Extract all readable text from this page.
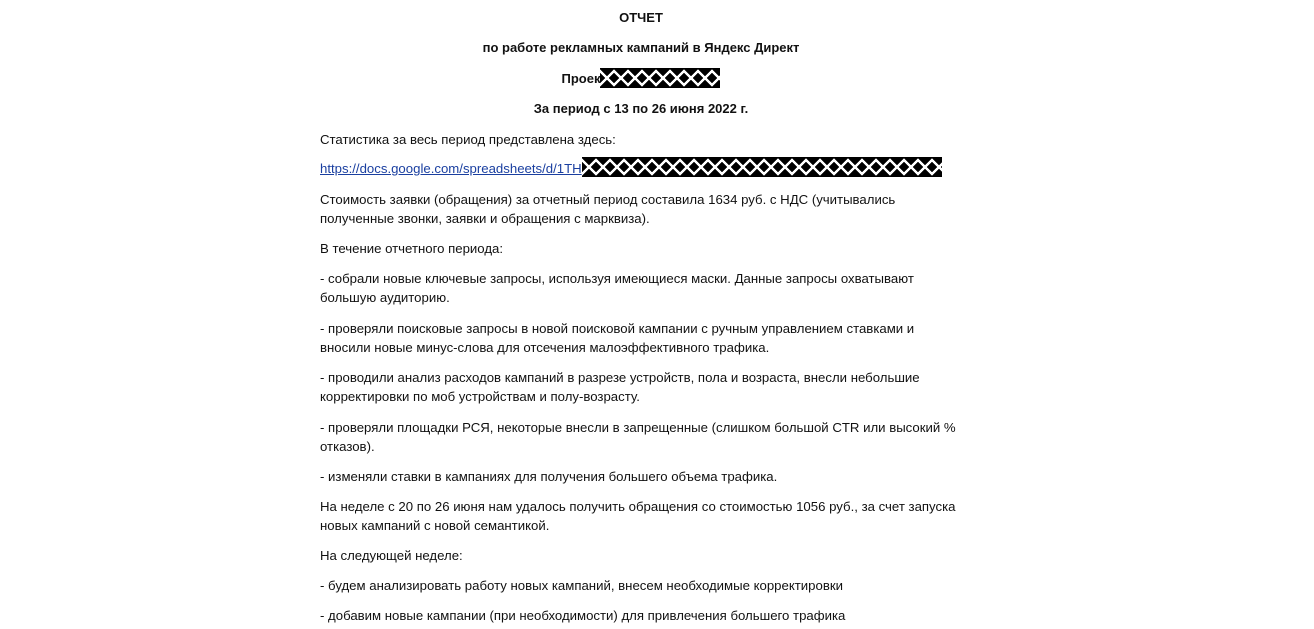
ОТЧЕТ
по работе рекламных кампаний в Яндекс Директ
Проек
За период с 13 по 26 июня 2022 г.
Статистика за весь период представлена здесь:
https://docs.google.com/spreadsheets/d/1TH
Стоимость заявки (обращения) за отчетный период составила 1634 руб. с НДС (учитывались
полученные звонки, заявки и обращения с марквиза).
В течение отчетного периода:
- собрали новые ключевые запросы, используя имеющиеся маски. Данные запросы охватывают
большую аудиторию.
- проверяли поисковые запросы в новой поисковой кампании с ручным управлением ставками и
вносили новые минус-слова для отсечения малоэффективного трафика.
- проводили анализ расходов кампаний в разрезе устройств, пола и возраста, внесли небольшие
корректировки по моб устройствам и полу-возрасту.
- проверяли площадки РСЯ, некоторые внесли в запрещенные (слишком большой CTR или высокий %
отказов).
- изменяли ставки в кампаниях для получения большего объема трафика.
На неделе с 20 по 26 июня нам удалось получить обращения со стоимостью 1056 руб., за счет запуска
новых кампаний с новой семантикой.
На следующей неделе:
- будем анализировать работу новых кампаний, внесем необходимые корректировки
- добавим новые кампании (при необходимости) для привлечения большего трафика
